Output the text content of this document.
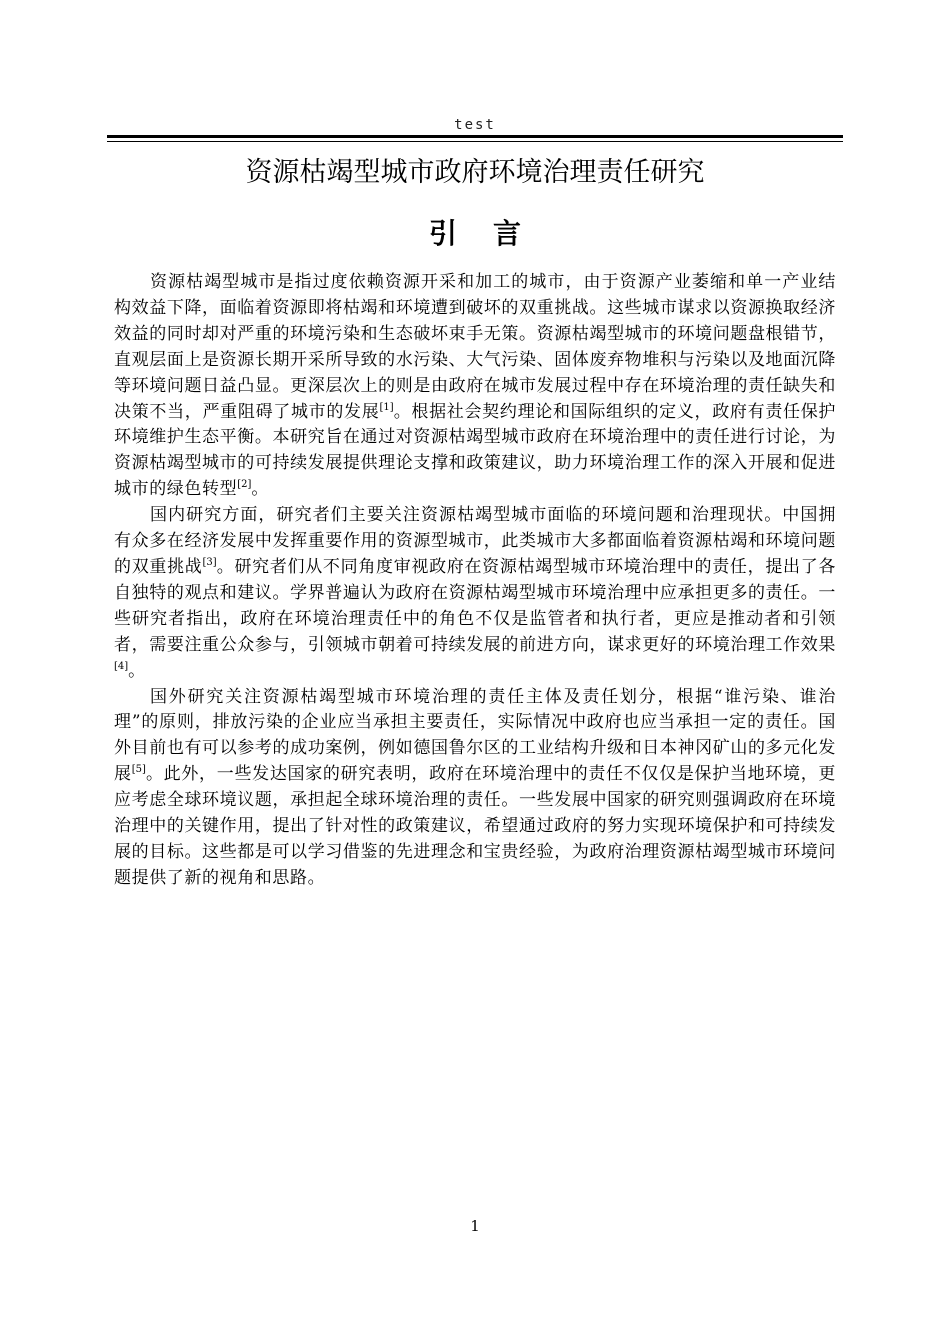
test
资源枯竭型城市政府环境治理责任研究
引言

资源枯竭型城市是指过度依赖资源开采和加工的城市，由于资源产业萎缩和单一产业结构效益下降，面临着资源即将枯竭和环境遭到破坏的双重挑战。这些城市谋求以资源换取经济效益的同时却对严重的环境污染和生态破坏束手无策。资源枯竭型城市的环境问题盘根错节，直观层面上是资源长期开采所导致的水污染、大气污染、固体废弃物堆积与污染以及地面沉降等环境问题日益凸显。更深层次上的则是由政府在城市发展过程中存在环境治理的责任缺失和决策不当，严重阻碍了城市的发展[1]。根据社会契约理论和国际组织的定义，政府有责任保护环境维护生态平衡。本研究旨在通过对资源枯竭型城市政府在环境治理中的责任进行讨论，为资源枯竭型城市的可持续发展提供理论支撑和政策建议，助力环境治理工作的深入开展和促进城市的绿色转型[2]。

国内研究方面，研究者们主要关注资源枯竭型城市面临的环境问题和治理现状。中国拥有众多在经济发展中发挥重要作用的资源型城市，此类城市大多都面临着资源枯竭和环境问题的双重挑战[3]。研究者们从不同角度审视政府在资源枯竭型城市环境治理中的责任，提出了各自独特的观点和建议。学界普遍认为政府在资源枯竭型城市环境治理中应承担更多的责任。一些研究者指出，政府在环境治理责任中的角色不仅是监管者和执行者，更应是推动者和引领者，需要注重公众参与，引领城市朝着可持续发展的前进方向，谋求更好的环境治理工作效果[4]。

国外研究关注资源枯竭型城市环境治理的责任主体及责任划分，根据“谁污染、谁治理”的原则，排放污染的企业应当承担主要责任，实际情况中政府也应当承担一定的责任。国外目前也有可以参考的成功案例，例如德国鲁尔区的工业结构升级和日本神冈矿山的多元化发展[5]。此外，一些发达国家的研究表明，政府在环境治理中的责任不仅仅是保护当地环境，更应考虑全球环境议题，承担起全球环境治理的责任。一些发展中国家的研究则强调政府在环境治理中的关键作用，提出了针对性的政策建议，希望通过政府的努力实现环境保护和可持续发展的目标。这些都是可以学习借鉴的先进理念和宝贵经验，为政府治理资源枯竭型城市环境问题提供了新的视角和思路。

1
